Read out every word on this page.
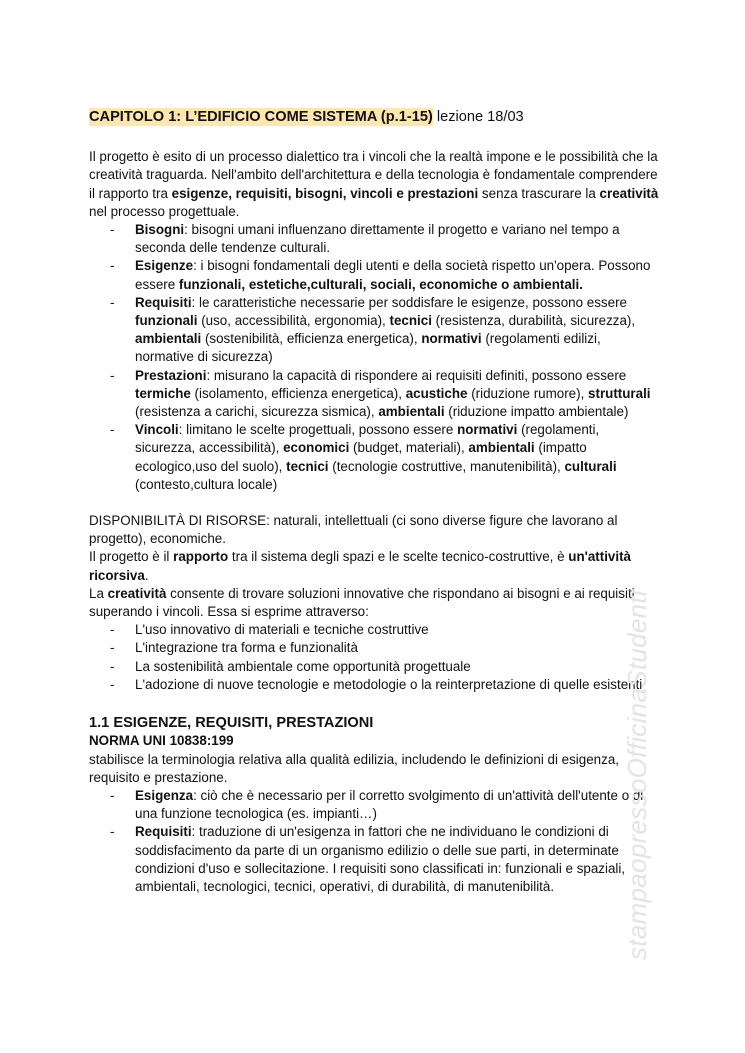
CAPITOLO 1: L’EDIFICIO COME SISTEMA (p.1-15) lezione 18/03

Il progetto è esito di un processo dialettico tra i vincoli che la realtà impone e le possibilità che la creatività traguarda. Nell'ambito dell'architettura e della tecnologia è fondamentale comprendere il rapporto tra esigenze, requisiti, bisogni, vincoli e prestazioni senza trascurare la creatività nel processo progettuale.

- Bisogni: bisogni umani influenzano direttamente il progetto e variano nel tempo a seconda delle tendenze culturali.
- Esigenze: i bisogni fondamentali degli utenti e della società rispetto un'opera. Possono essere funzionali, estetiche,culturali, sociali, economiche o ambientali.
- Requisiti: le caratteristiche necessarie per soddisfare le esigenze, possono essere funzionali (uso, accessibilità, ergonomia), tecnici (resistenza, durabilità, sicurezza), ambientali (sostenibilità, efficienza energetica), normativi (regolamenti edilizi, normative di sicurezza)
- Prestazioni: misurano la capacità di rispondere ai requisiti definiti, possono essere termiche (isolamento, efficienza energetica), acustiche (riduzione rumore), strutturali (resistenza a carichi, sicurezza sismica), ambientali (riduzione impatto ambientale)
- Vincoli: limitano le scelte progettuali, possono essere normativi (regolamenti, sicurezza, accessibilità), economici (budget, materiali), ambientali (impatto ecologico,uso del suolo), tecnici (tecnologie costruttive, manutenibilità), culturali (contesto,cultura locale)

DISPONIBILITÀ DI RISORSE: naturali, intellettuali (ci sono diverse figure che lavorano al progetto), economiche.

Il progetto è il rapporto tra il sistema degli spazi e le scelte tecnico-costruttive, è un'attività ricorsiva.

La creatività consente di trovare soluzioni innovative che rispondano ai bisogni e ai requisiti superando i vincoli. Essa si esprime attraverso:

- L'uso innovativo di materiali e tecniche costruttive
- L'integrazione tra forma e funzionalità
- La sostenibilità ambientale come opportunità progettuale
- L'adozione di nuove tecnologie e metodologie o la reinterpretazione di quelle esistenti
1.1 ESIGENZE, REQUISITI, PRESTAZIONI
NORMA UNI 10838:199

stabilisce la terminologia relativa alla qualità edilizia, includendo le definizioni di esigenza, requisito e prestazione.

- Esigenza: ciò che è necessario per il corretto svolgimento di un'attività dell'utente o di una funzione tecnologica (es. impianti…)
- Requisiti: traduzione di un'esigenza in fattori che ne individuano le condizioni di soddisfacimento da parte di un organismo edilizio o delle sue parti, in determinate condizioni d'uso e sollecitazione. I requisiti sono classificati in: funzionali e spaziali, ambientali, tecnologici, tecnici, operativi, di durabilità, di manutenibilità.	stampaopressoOfficinaStudenti
